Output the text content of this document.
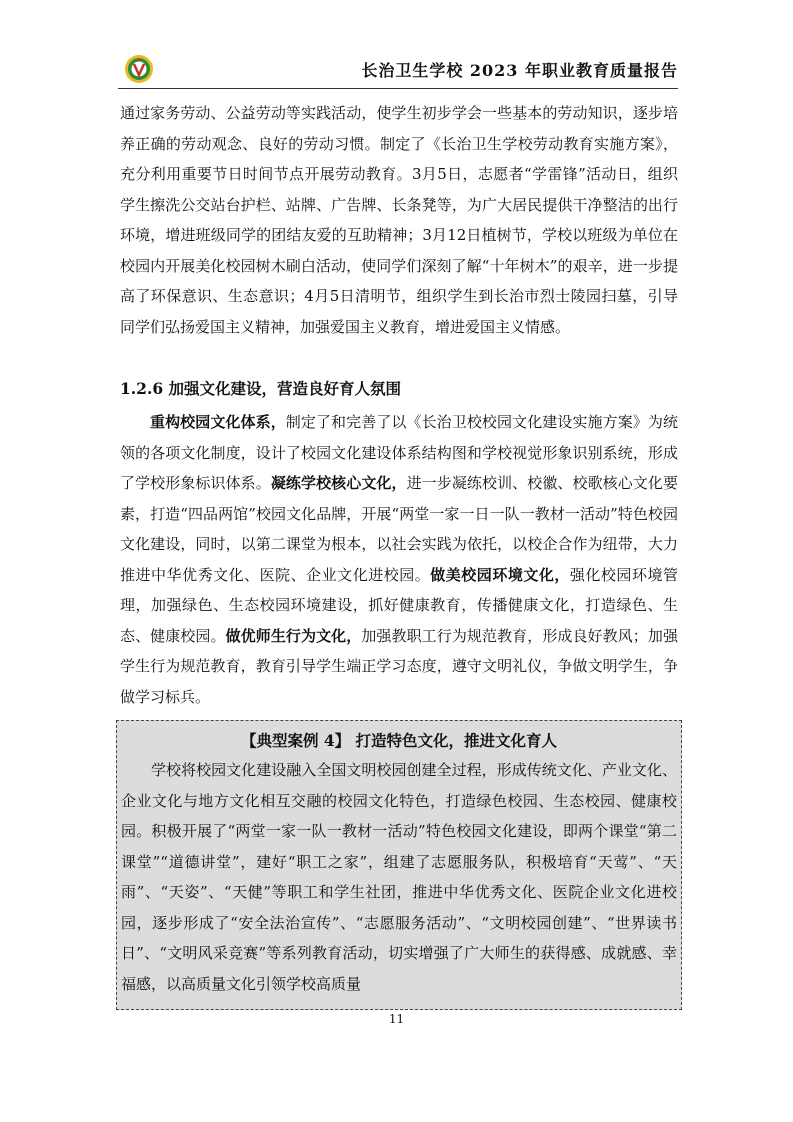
长治卫生学校 2023 年职业教育质量报告
通过家务劳动、公益劳动等实践活动，使学生初步学会一些基本的劳动知识，逐步培养正确的劳动观念、良好的劳动习惯。制定了《长治卫生学校劳动教育实施方案》，充分利用重要节日时间节点开展劳动教育。3月5日，志愿者“学雷锋”活动日，组织学生擦洗公交站台护栏、站牌、广告牌、长条凳等，为广大居民提供干净整洁的出行环境，增进班级同学的团结友爱的互助精神；3月12日植树节，学校以班级为单位在校园内开展美化校园树木刷白活动，使同学们深刻了解“十年树木”的艰辛，进一步提高了环保意识、生态意识；4月5日清明节，组织学生到长治市烈士陵园扫墓，引导同学们弘扬爱国主义精神，加强爱国主义教育，增进爱国主义情感。
1.2.6 加强文化建设，营造良好育人氛围
重构校园文化体系，制定了和完善了以《长治卫校校园文化建设实施方案》为统领的各项文化制度，设计了校园文化建设体系结构图和学校视觉形象识别系统，形成了学校形象标识体系。凝练学校核心文化，进一步凝练校训、校徽、校歌核心文化要素，打造“四品两馆”校园文化品牌，开展“两堂一家一日一队一教材一活动”特色校园文化建设，同时，以第二课堂为根本，以社会实践为依托，以校企合作为纽带，大力推进中华优秀文化、医院、企业文化进校园。做美校园环境文化，强化校园环境管理，加强绿色、生态校园环境建设，抓好健康教育，传播健康文化，打造绿色、生态、健康校园。做优师生行为文化，加强教职工行为规范教育，形成良好教风；加强学生行为规范教育，教育引导学生端正学习态度，遵守文明礼仪，争做文明学生，争做学习标兵。
【典型案例 4】 打造特色文化，推进文化育人
学校将校园文化建设融入全国文明校园创建全过程，形成传统文化、产业文化、企业文化与地方文化相互交融的校园文化特色，打造绿色校园、生态校园、健康校园。积极开展了“两堂一家一队一教材一活动”特色校园文化建设，即两个课堂“第二课堂”“道德讲堂”，建好“职工之家”，组建了志愿服务队，积极培育“天莺”、“天雨”、“天姿”、“天健”等职工和学生社团，推进中华优秀文化、医院企业文化进校园，逐步形成了“安全法治宣传”、“志愿服务活动”、“文明校园创建”、“世界读书日”、“文明风采竞赛”等系列教育活动，切实增强了广大师生的获得感、成就感、幸福感，以高质量文化引领学校高质量
11
